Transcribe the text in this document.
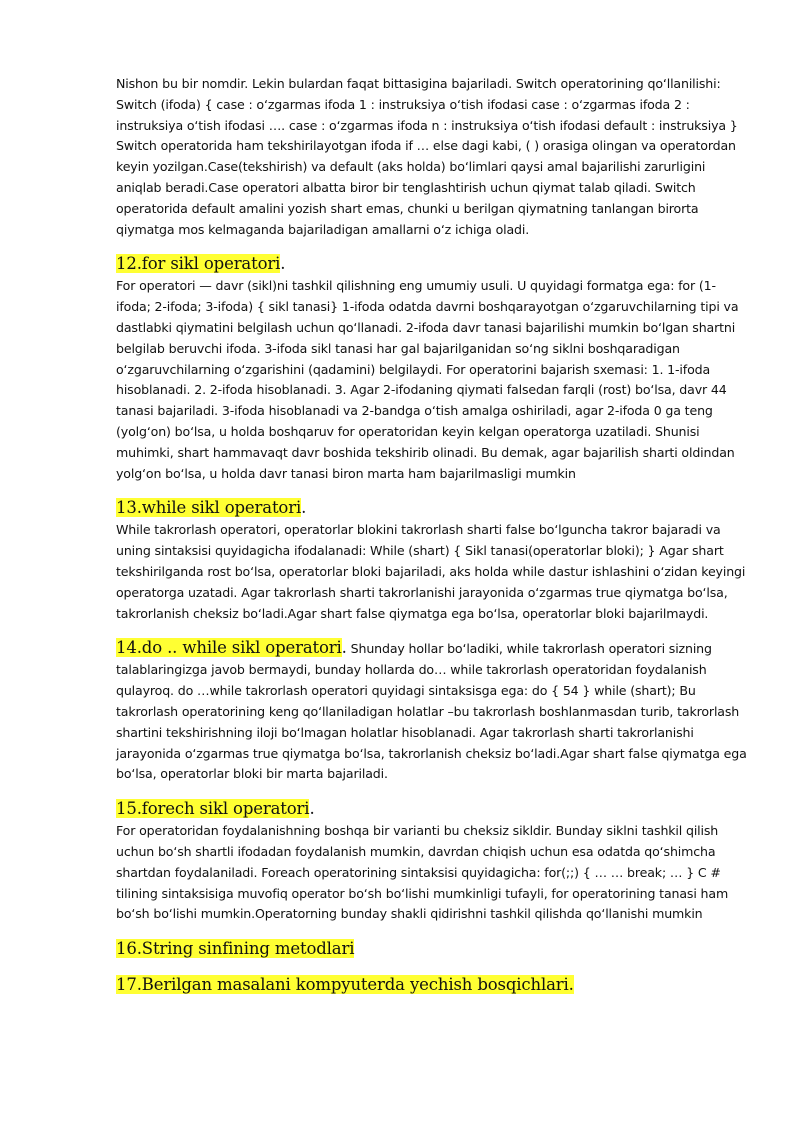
Nishon bu bir nomdir. Lekin bulardan faqat bittasigina bajariladi. Switch operatorining qoʻllanilishi: Switch (ifoda) { case : oʻzgarmas ifoda 1 : instruksiya oʻtish ifodasi case : oʻzgarmas ifoda 2 : instruksiya oʻtish ifodasi …. case : oʻzgarmas ifoda n : instruksiya oʻtish ifodasi default : instruksiya } Switch operatorida ham tekshirilayotgan ifoda if … else dagi kabi, ( ) orasiga olingan va operatordan keyin yozilgan.Case(tekshirish) va default (aks holda) boʻlimlari qaysi amal bajarilishi zarurligini aniqlab beradi.Case operatori albatta biror bir tenglashtirish uchun qiymat talab qiladi. Switch operatorida default amalini yozish shart emas, chunki u berilgan qiymatning tanlangan birorta qiymatga mos kelmaganda bajariladigan amallarni oʻz ichiga oladi.

12.for sikl operatori.

For operatori — davr (sikl)ni tashkil qilishning eng umumiy usuli. U quyidagi formatga ega: for (1-ifoda; 2-ifoda; 3-ifoda) { sikl tanasi} 1-ifoda odatda davrni boshqarayotgan oʻzgaruvchilarning tipi va dastlabki qiymatini belgilash uchun qoʻllanadi. 2-ifoda davr tanasi bajarilishi mumkin boʻlgan shartni belgilab beruvchi ifoda. 3-ifoda sikl tanasi har gal bajarilganidan soʻng siklni boshqaradigan oʻzgaruvchilarning oʻzgarishini (qadamini) belgilaydi. For operatorini bajarish sxemasi: 1. 1-ifoda hisoblanadi. 2. 2-ifoda hisoblanadi. 3. Agar 2-ifodaning qiymati falsedan farqli (rost) boʻlsa, davr 44 tanasi bajariladi. 3-ifoda hisoblanadi va 2-bandga oʻtish amalga oshiriladi, agar 2-ifoda 0 ga teng (yolgʻon) boʻlsa, u holda boshqaruv for operatoridan keyin kelgan operatorga uzatiladi. Shunisi muhimki, shart hammavaqt davr boshida tekshirib olinadi. Bu demak, agar bajarilish sharti oldindan yolgʻon boʻlsa, u holda davr tanasi biron marta ham bajarilmasligi mumkin

13.while sikl operatori.

While takrorlash operatori, operatorlar blokini takrorlash sharti false boʻlguncha takror bajaradi va uning sintaksisi quyidagicha ifodalanadi: While (shart) { Sikl tanasi(operatorlar bloki); } Agar shart tekshirilganda rost boʻlsa, operatorlar bloki bajariladi, aks holda while dastur ishlashini oʻzidan keyingi operatorga uzatadi. Agar takrorlash sharti takrorlanishi jarayonida oʻzgarmas true qiymatga boʻlsa, takrorlanish cheksiz boʻladi.Agar shart false qiymatga ega boʻlsa, operatorlar bloki bajarilmaydi.

14.do .. while sikl operatori. Shunday hollar boʻladiki, while takrorlash operatori sizning talablaringizga javob bermaydi, bunday hollarda do… while takrorlash operatoridan foydalanish qulayroq. do …while takrorlash operatori quyidagi sintaksisga ega: do { 54 } while (shart); Bu takrorlash operatorining keng qoʻllaniladigan holatlar –bu takrorlash boshlanmasdan turib, takrorlash shartini tekshirishning iloji boʻlmagan holatlar hisoblanadi. Agar takrorlash sharti takrorlanishi jarayonida oʻzgarmas true qiymatga boʻlsa, takrorlanish cheksiz boʻladi.Agar shart false qiymatga ega boʻlsa, operatorlar bloki bir marta bajariladi.

15.forech sikl operatori.

For operatoridan foydalanishning boshqa bir varianti bu cheksiz sikldir. Bunday siklni tashkil qilish uchun boʻsh shartli ifodadan foydalanish mumkin, davrdan chiqish uchun esa odatda qoʻshimcha shartdan foydalaniladi. Foreach operatorining sintaksisi quyidagicha: for(;;) { … … break; … } C # tilining sintaksisiga muvofiq operator boʻsh boʻlishi mumkinligi tufayli, for operatorining tanasi ham boʻsh boʻlishi mumkin.Operatorning bunday shakli qidirishni tashkil qilishda qoʻllanishi mumkin

16.String sinfining metodlari
17.Berilgan masalani kompyuterda yechish bosqichlari.
